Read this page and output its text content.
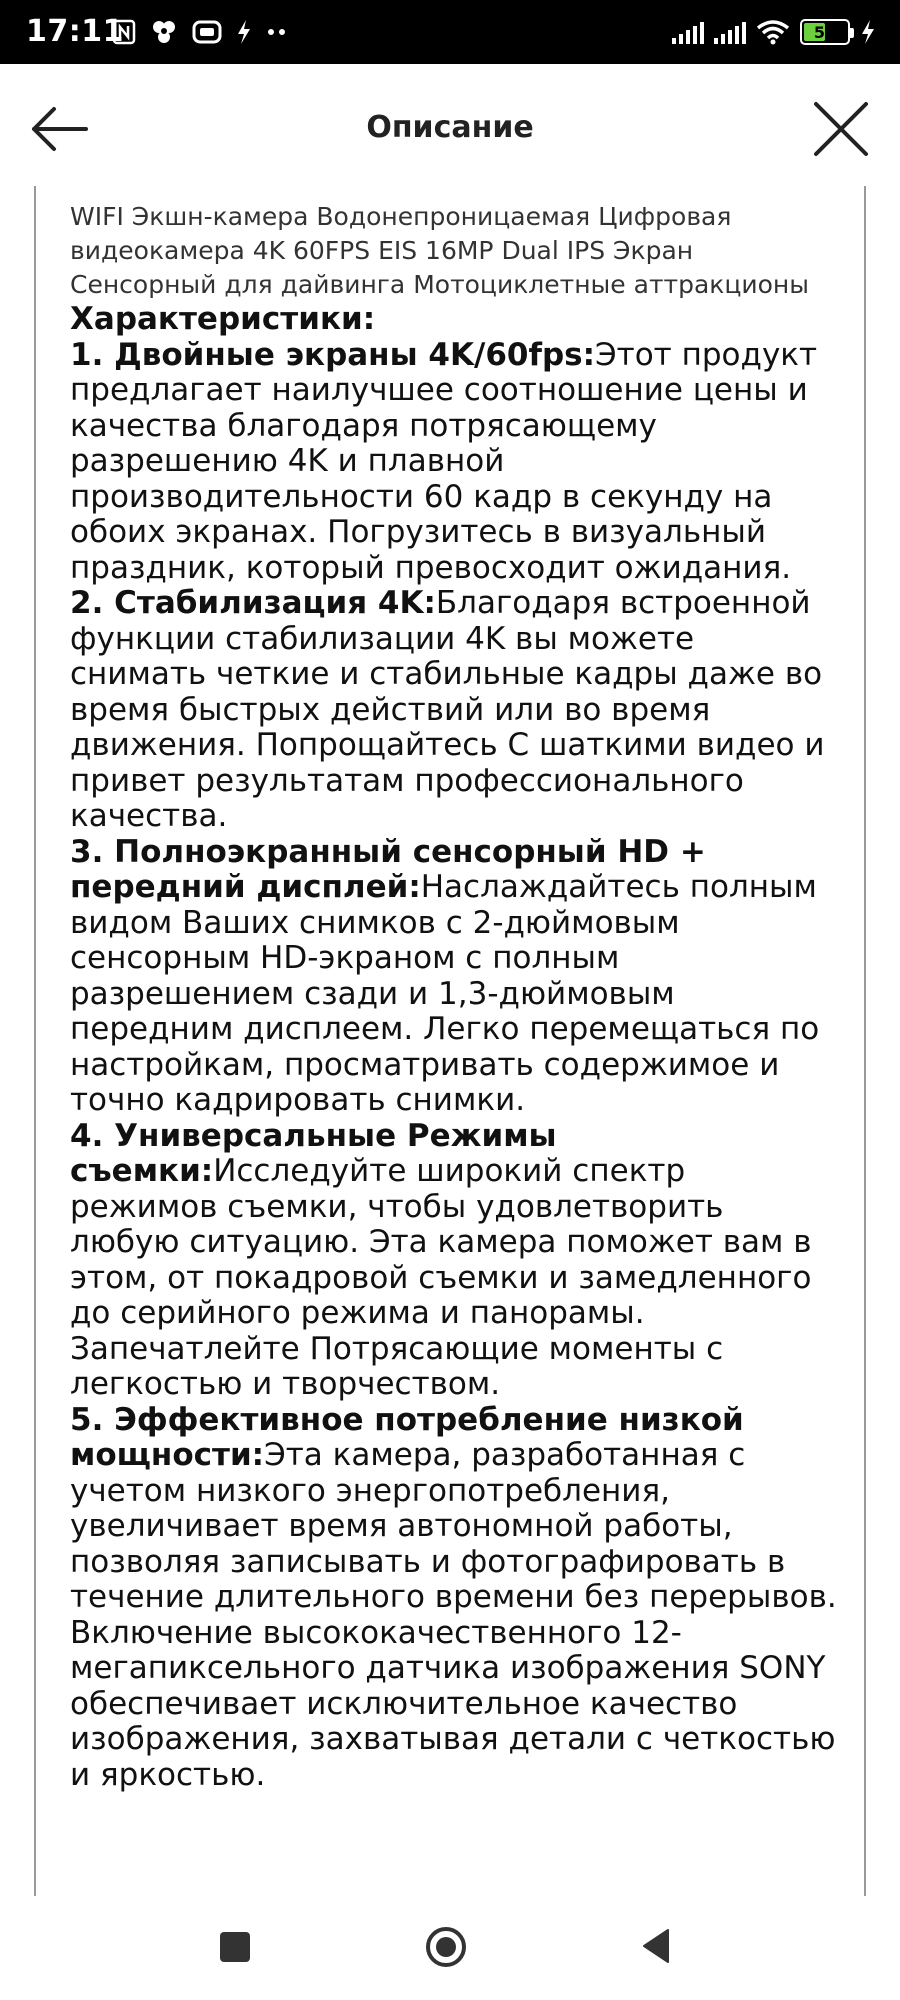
17:11	51
Описание

WIFI Экшн-камера Водонепроницаемая Цифровая видеокамера 4K 60FPS EIS 16MP Dual IPS Экран Сенсорный для дайвинга Мотоциклетные аттракционы

Характеристики:
1. Двойные экраны 4K/60fps:Этот продукт предлагает наилучшее соотношение цены и качества благодаря потрясающему разрешению 4K и плавной производительности 60 кадр в секунду на обоих экранах. Погрузитесь в визуальный праздник, который превосходит ожидания.
2. Стабилизация 4K:Благодаря встроенной функции стабилизации 4K вы можете снимать четкие и стабильные кадры даже во время быстрых действий или во время движения. Попрощайтесь С шаткими видео и привет результатам профессионального качества.
3. Полноэкранный сенсорный HD + передний дисплей:Наслаждайтесь полным видом Ваших снимков с 2-дюймовым сенсорным HD-экраном с полным разрешением сзади и 1,3-дюймовым передним дисплеем. Легко перемещаться по настройкам, просматривать содержимое и точно кадрировать снимки.
4. Универсальные Режимы съемки:Исследуйте широкий спектр режимов съемки, чтобы удовлетворить любую ситуацию. Эта камера поможет вам в этом, от покадровой съемки и замедленного до серийного режима и панорамы. Запечатлейте Потрясающие моменты с легкостью и творчеством.
5. Эффективное потребление низкой мощности:Эта камера, разработанная с учетом низкого энергопотребления, увеличивает время автономной работы, позволяя записывать и фотографировать в течение длительного времени без перерывов. Включение высококачественного 12-мегапиксельного датчика изображения SONY обеспечивает исключительное качество изображения, захватывая детали с четкостью и яркостью.
